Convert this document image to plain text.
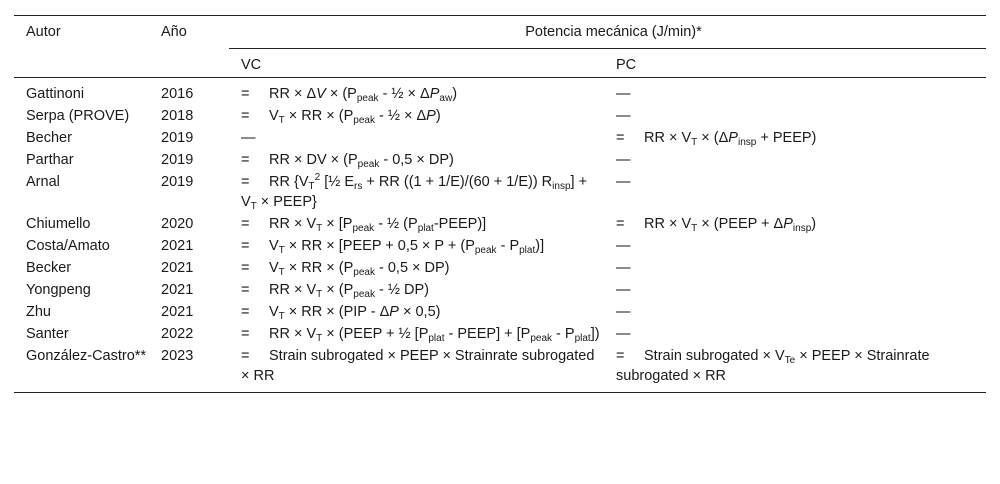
Autor	Año	Potencia mecánica (J/min)*	
		VC	PC
Gattinoni	2016	= RR × $\Delta V \times (P_{peak}$ - ½ × $\Delta P_{aw}$)	—
Serpa (PROVE)	2018	= $V_T$ × RR × ($P_{peak}$ - ½ × ΔP)	—
Becher	2019	—	= RR × $V_T \times (\Delta P_{insp}$ + PEEP)
Parthar	2019	= RR × DV × $(P_{peak} - 0,5 \times DP)$	—
Arnal	2019	= RR {$V_T^2$ [½ $E_{rs}$ + RR ((1 + 1/E)/(60 + 1/E)) $R_{insp}] + V_T$ × PEEP}	—
Chiumello	2020	= RR × $V_T \times [P_{peak}$ - ½ $(P_{plat}-PEEP)$]	= RR × $V_T$ × (PEEP + $\Delta P_{insp}$)
Costa/Amato	2021	= $V_T$ × RR × [PEEP + $0,5 \times P + (P_{peak} - P_{plat})$]	—
Becker	2021	= $V_T$ × RR × $(P_{peak} - 0,5 \times DP)$	—
Yongpeng	2021	= RR × $V_T \times (P_{peak}$ - ½ DP)	—
Zhu	2021	= $V_T$ × RR × (PIP - ΔP × 0,5)	—
Santer	2022	= RR × $V_T$ × (PEEP + ½ [$P_{plat}$ - PEEP] + $[P_{peak} - P_{plat}]$)	—
González-Castro**	2023	= Strain subrogated × PEEP × Strainrate subrogated × RR	= Strain subrogated × $V_{Te}$ × PEEP × Strainrate subrogated × RR
